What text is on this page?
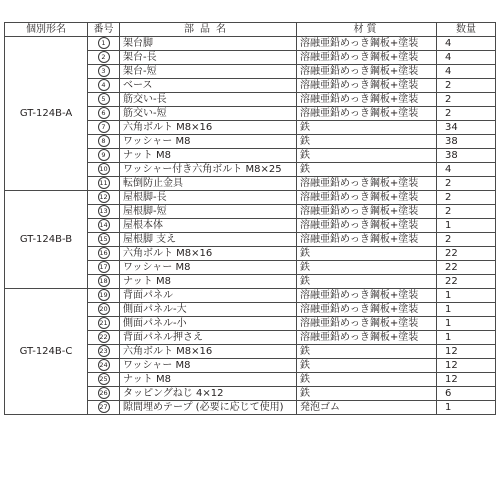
個別形名	番号	部品名	材質	数量
GT-124B-A	1	架台脚	溶融亜鉛めっき鋼板+塗装	4
	2	架台-長	溶融亜鉛めっき鋼板+塗装	4
	3	架台-短	溶融亜鉛めっき鋼板+塗装	4
	4	ベース	溶融亜鉛めっき鋼板+塗装	2
	5	筋交い-長	溶融亜鉛めっき鋼板+塗装	2
	6	筋交い-短	溶融亜鉛めっき鋼板+塗装	2
	7	六角ボルト M8×16	鉄	34
	8	ワッシャー M8	鉄	38
	9	ナット M8	鉄	38
	10	ワッシャー付き六角ボルト M8×25	鉄	4
	11	転倒防止金具	溶融亜鉛めっき鋼板+塗装	2
GT-124B-B	12	屋根脚-長	溶融亜鉛めっき鋼板+塗装	2
	13	屋根脚-短	溶融亜鉛めっき鋼板+塗装	2
	14	屋根本体	溶融亜鉛めっき鋼板+塗装	1
	15	屋根脚 支え	溶融亜鉛めっき鋼板+塗装	2
	16	六角ボルト M8×16	鉄	22
	17	ワッシャー M8	鉄	22
	18	ナット M8	鉄	22
GT-124B-C	19	背面パネル	溶融亜鉛めっき鋼板+塗装	1
	20	側面パネル-大	溶融亜鉛めっき鋼板+塗装	1
	21	側面パネル-小	溶融亜鉛めっき鋼板+塗装	1
	22	背面パネル押さえ	溶融亜鉛めっき鋼板+塗装	1
	23	六角ボルト M8×16	鉄	12
	24	ワッシャー M8	鉄	12
	25	ナット M8	鉄	12
	26	タッピングねじ 4×12	鉄	6
	27	隙間埋めテープ (必要に応じて使用)	発泡ゴム	1
